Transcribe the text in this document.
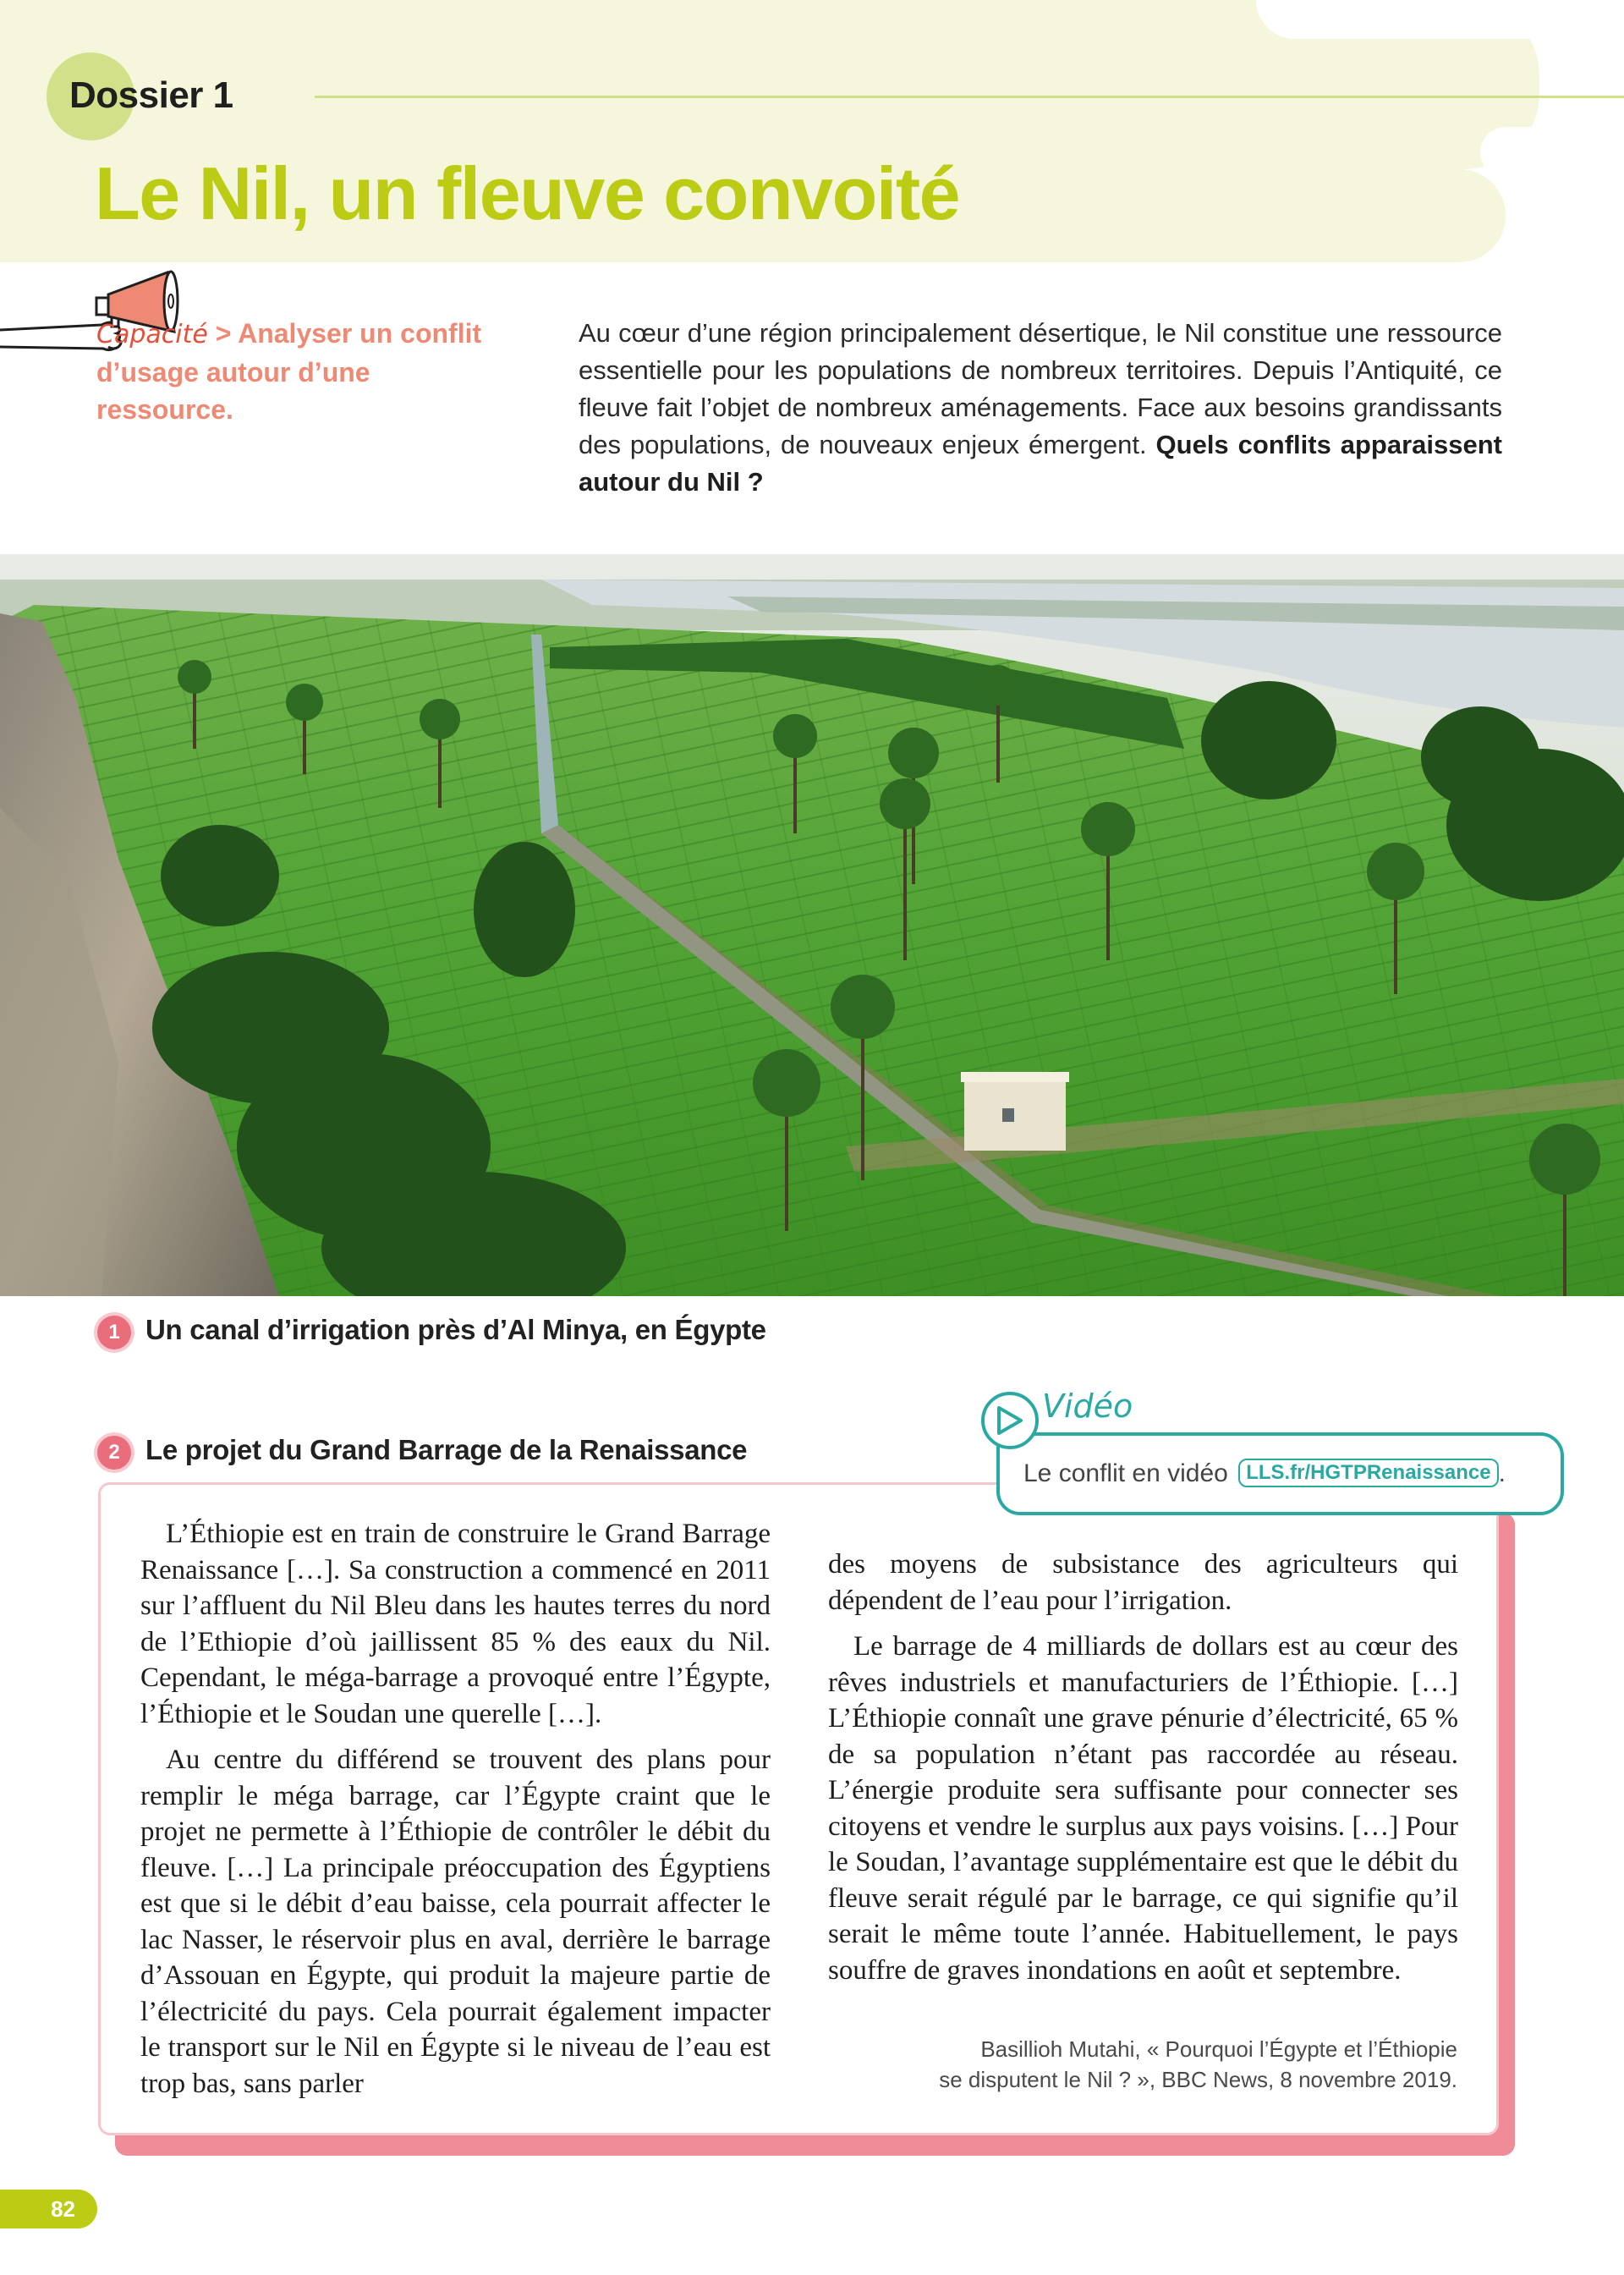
Dossier 1
Le Nil, un fleuve convoité
Capacité > Analyser un conflit d’usage autour d’une ressource.

Au cœur d’une région principalement désertique, le Nil constitue une ressource essentielle pour les populations de nombreux territoires. Depuis l’Antiquité, ce fleuve fait l’objet de nombreux aménagements. Face aux besoins grandissants des populations, de nouveaux enjeux émergent. Quels conflits apparaissent autour du Nil ?

1 Un canal d’irrigation près d’Al Minya, en Égypte
2 Le projet du Grand Barrage de la Renaissance

L’Éthiopie est en train de construire le Grand Barrage Renaissance […]. Sa construction a commencé en 2011 sur l’affluent du Nil Bleu dans les hautes terres du nord de l’Ethiopie d’où jaillissent 85 % des eaux du Nil. Cependant, le méga-barrage a provoqué entre l’Égypte, l’Éthiopie et le Soudan une querelle […].

Au centre du différend se trouvent des plans pour remplir le méga barrage, car l’Égypte craint que le projet ne permette à l’Éthiopie de contrôler le débit du fleuve. […] La principale préoccupation des Égyptiens est que si le débit d’eau baisse, cela pourrait affecter le lac Nasser, le réservoir plus en aval, derrière le barrage d’Assouan en Égypte, qui produit la majeure partie de l’électricité du pays. Cela pourrait également impacter le transport sur le Nil en Égypte si le niveau de l’eau est trop bas, sans parler

des moyens de subsistance des agriculteurs qui dépendent de l’eau pour l’irrigation.

Le barrage de 4 milliards de dollars est au cœur des rêves industriels et manufacturiers de l’Éthiopie. […] L’Éthiopie connaît une grave pénurie d’électricité, 65 % de sa population n’étant pas raccordée au réseau. L’énergie produite sera suffisante pour connecter ses citoyens et vendre le surplus aux pays voisins. […] Pour le Soudan, l’avantage supplémentaire est que le débit du fleuve serait régulé par le barrage, ce qui signifie qu’il serait le même toute l’année. Habituellement, le pays souffre de graves inondations en août et septembre.

Basillioh Mutahi, « Pourquoi l’Égypte et l’Éthiopie
se disputent le Nil ? », BBC News, 8 novembre 2019.
Vidéo
Le conflit en vidéo LLS.fr/HGTPRenaissance .
82
